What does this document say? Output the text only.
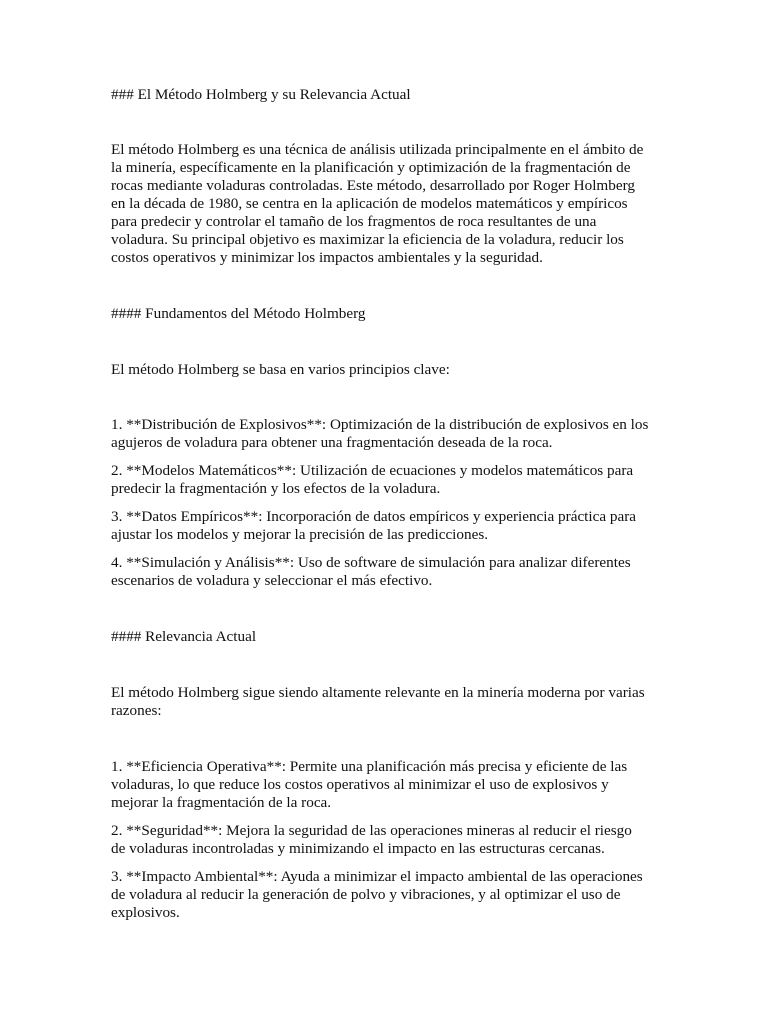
### El Método Holmberg y su Relevancia Actual

El método Holmberg es una técnica de análisis utilizada principalmente en el ámbito de

la minería, específicamente en la planificación y optimización de la fragmentación de

rocas mediante voladuras controladas. Este método, desarrollado por Roger Holmberg

en la década de 1980, se centra en la aplicación de modelos matemáticos y empíricos

para predecir y controlar el tamaño de los fragmentos de roca resultantes de una

voladura. Su principal objetivo es maximizar la eficiencia de la voladura, reducir los

costos operativos y minimizar los impactos ambientales y la seguridad.

#### Fundamentos del Método Holmberg

El método Holmberg se basa en varios principios clave:

1. **Distribución de Explosivos**: Optimización de la distribución de explosivos en los

agujeros de voladura para obtener una fragmentación deseada de la roca.

2. **Modelos Matemáticos**: Utilización de ecuaciones y modelos matemáticos para

predecir la fragmentación y los efectos de la voladura.

3. **Datos Empíricos**: Incorporación de datos empíricos y experiencia práctica para

ajustar los modelos y mejorar la precisión de las predicciones.

4. **Simulación y Análisis**: Uso de software de simulación para analizar diferentes

escenarios de voladura y seleccionar el más efectivo.

#### Relevancia Actual

El método Holmberg sigue siendo altamente relevante en la minería moderna por varias

razones:

1. **Eficiencia Operativa**: Permite una planificación más precisa y eficiente de las

voladuras, lo que reduce los costos operativos al minimizar el uso de explosivos y

mejorar la fragmentación de la roca.

2. **Seguridad**: Mejora la seguridad de las operaciones mineras al reducir el riesgo

de voladuras incontroladas y minimizando el impacto en las estructuras cercanas.

3. **Impacto Ambiental**: Ayuda a minimizar el impacto ambiental de las operaciones

de voladura al reducir la generación de polvo y vibraciones, y al optimizar el uso de

explosivos.
